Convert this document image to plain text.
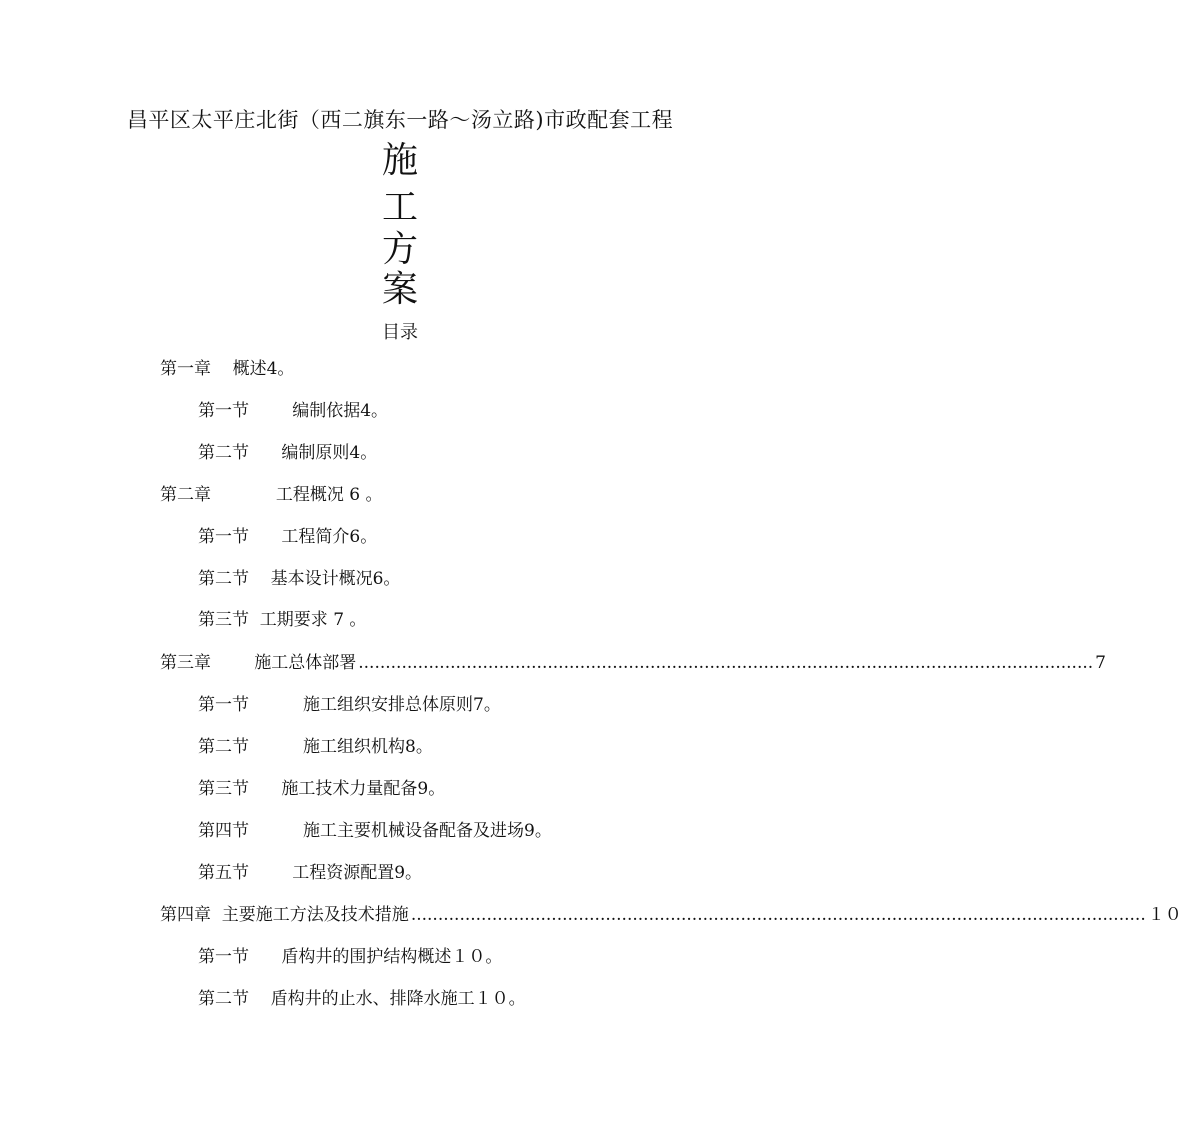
昌平区太平庄北街（西二旗东一路～汤立路)市政配套工程
施
工
方
案
目录
第一章    概述4。
第一节        编制依据4。
第二节      编制原则4。
第二章            工程概况 6 。
第一节      工程简介6。
第二节    基本设计概况6。
第三节  工期要求 7 。
第三章        施工总体部署 ........................................................................................................................................ 7
第一节          施工组织安排总体原则7。
第二节          施工组织机构8。
第三节      施工技术力量配备9。
第四节          施工主要机械设备配备及进场9。
第五节        工程资源配置9。
第四章  主要施工方法及技术措施 ........................................................................................................................................ １０
第一节      盾构井的围护结构概述１０。
第二节    盾构井的止水、排降水施工１０。
